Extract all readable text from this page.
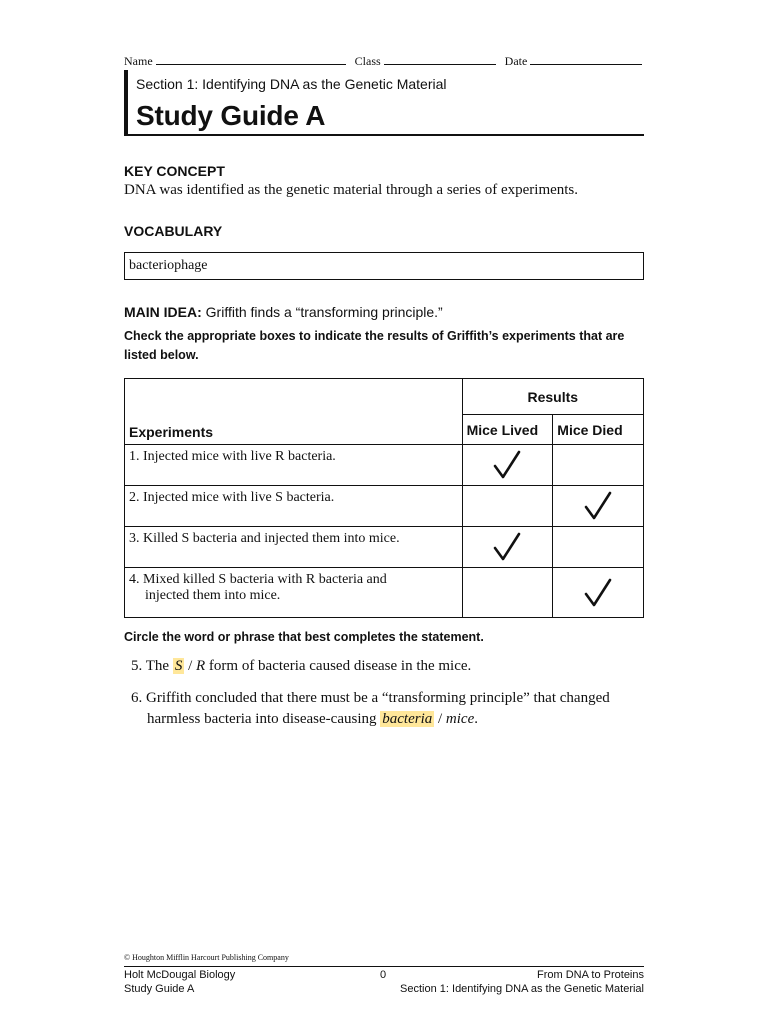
Name	Class	Date
Section 1: Identifying DNA as the Genetic Material
Study Guide A
KEY CONCEPT
DNA was identified as the genetic material through a series of experiments.
VOCABULARY
bacteriophage
MAIN IDEA: Griffith finds a “transforming principle.”
Check the appropriate boxes to indicate the results of Griffith’s experiments that are listed below.
Experiments	Results	
	Mice Lived	Mice Died

1. Injected mice with live R bacteria.

2. Injected mice with live S bacteria.

3. Killed S bacteria and injected them into mice.

4. Mixed killed S bacteria with R bacteria and
injected them into mice.

Circle the word or phrase that best completes the statement.
5. The S / R form of bacteria caused disease in the mice.
6. Griffith concluded that there must be a “transforming principle” that changed
harmless bacteria into disease-causing bacteria / mice.
© Houghton Mifflin Harcourt Publishing Company
Holt McDougal Biology
Study Guide A
0	From DNA to Proteins
Section 1: Identifying DNA as the Genetic Material
